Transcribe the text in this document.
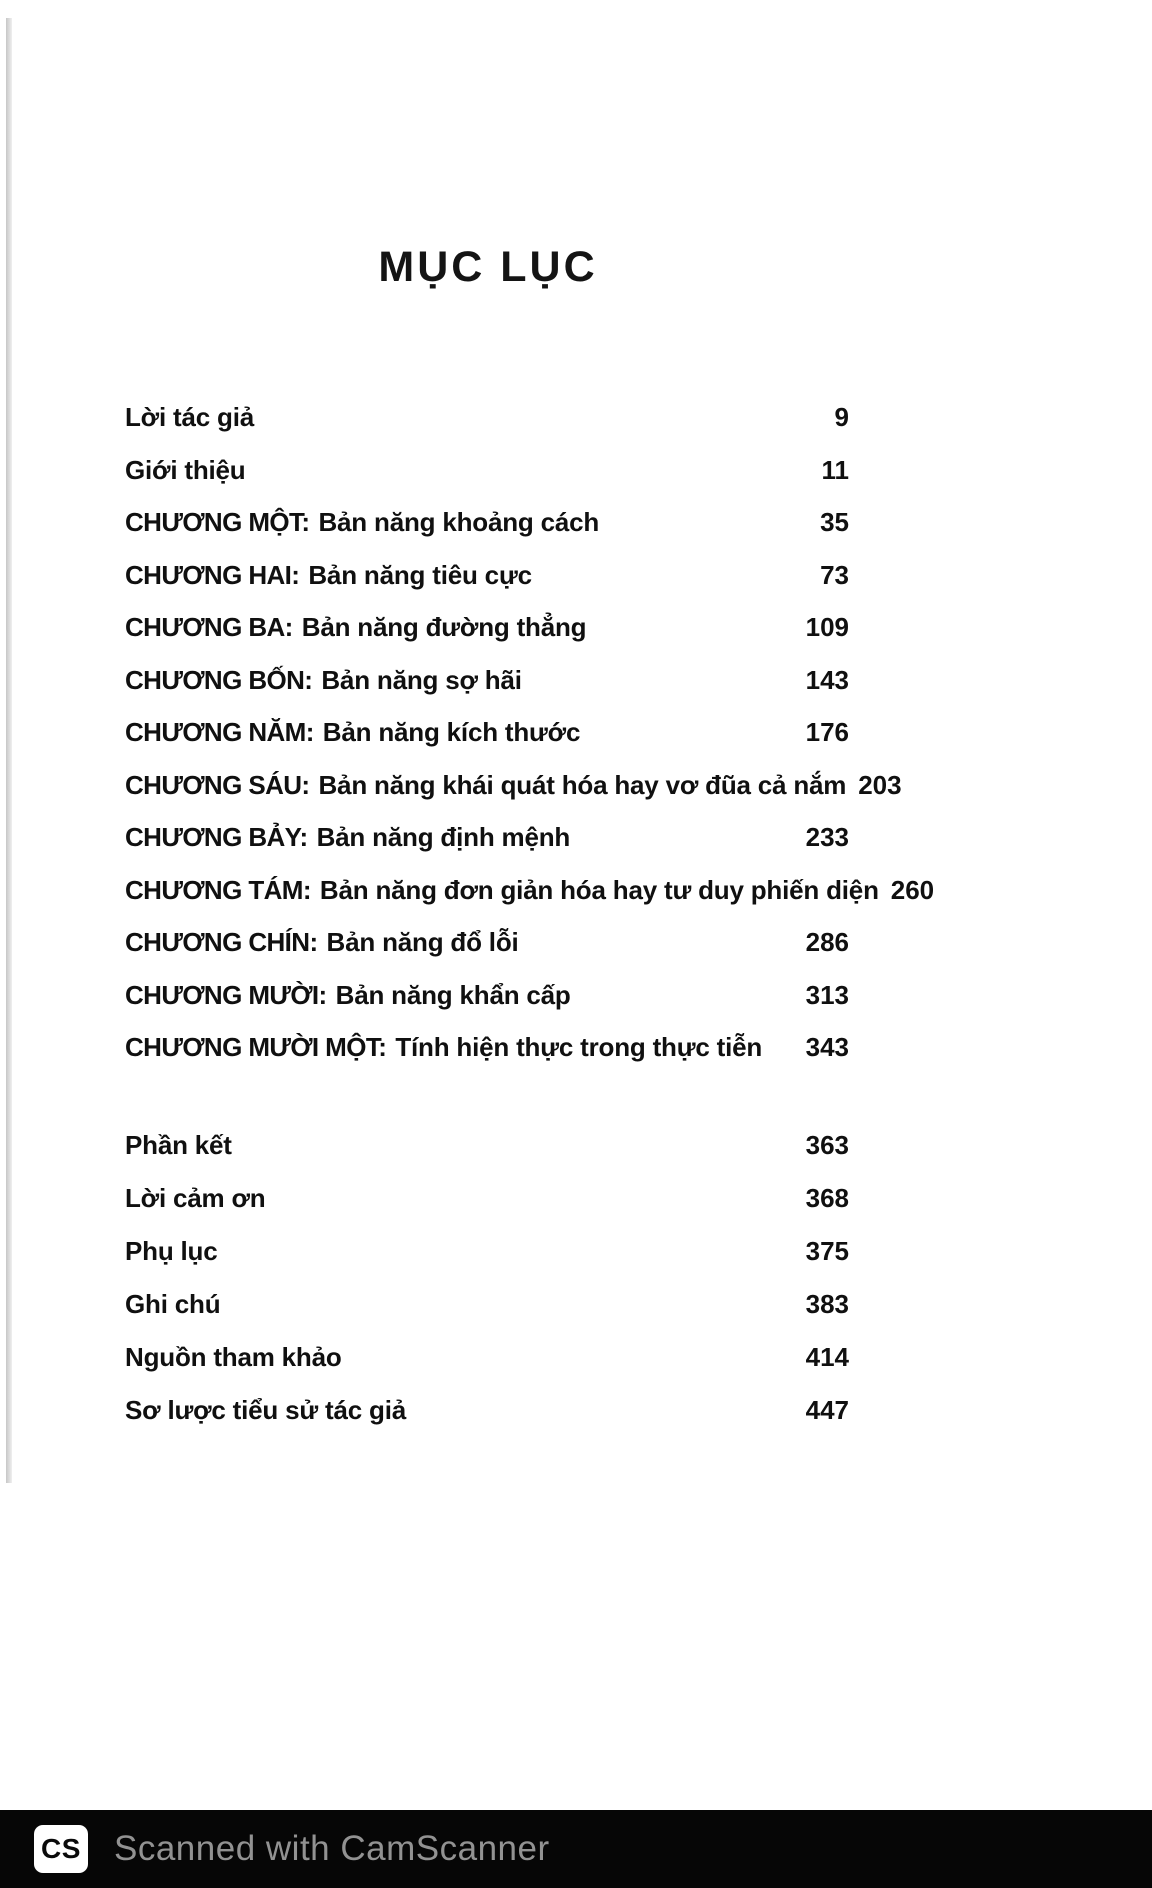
MỤC LỤC
Lời tác giả	9
Giới thiệu	11
CHƯƠNG MỘT: Bản năng khoảng cách	35
CHƯƠNG HAI: Bản năng tiêu cực	73
CHƯƠNG BA: Bản năng đường thẳng	109
CHƯƠNG BỐN: Bản năng sợ hãi	143
CHƯƠNG NĂM: Bản năng kích thước	176
CHƯƠNG SÁU: Bản năng khái quát hóa hay vơ đũa cả nắm 203
CHƯƠNG BẢY: Bản năng định mệnh	233
CHƯƠNG TÁM: Bản năng đơn giản hóa hay tư duy phiến diện 260
CHƯƠNG CHÍN: Bản năng đổ lỗi	286
CHƯƠNG MƯỜI: Bản năng khẩn cấp	313
CHƯƠNG MƯỜI MỘT: Tính hiện thực trong thực tiễn 343
Phần kết	363
Lời cảm ơn	368
Phụ lục	375
Ghi chú	383
Nguồn tham khảo	414
Sơ lược tiểu sử tác giả	447
CS Scanned with CamScanner
